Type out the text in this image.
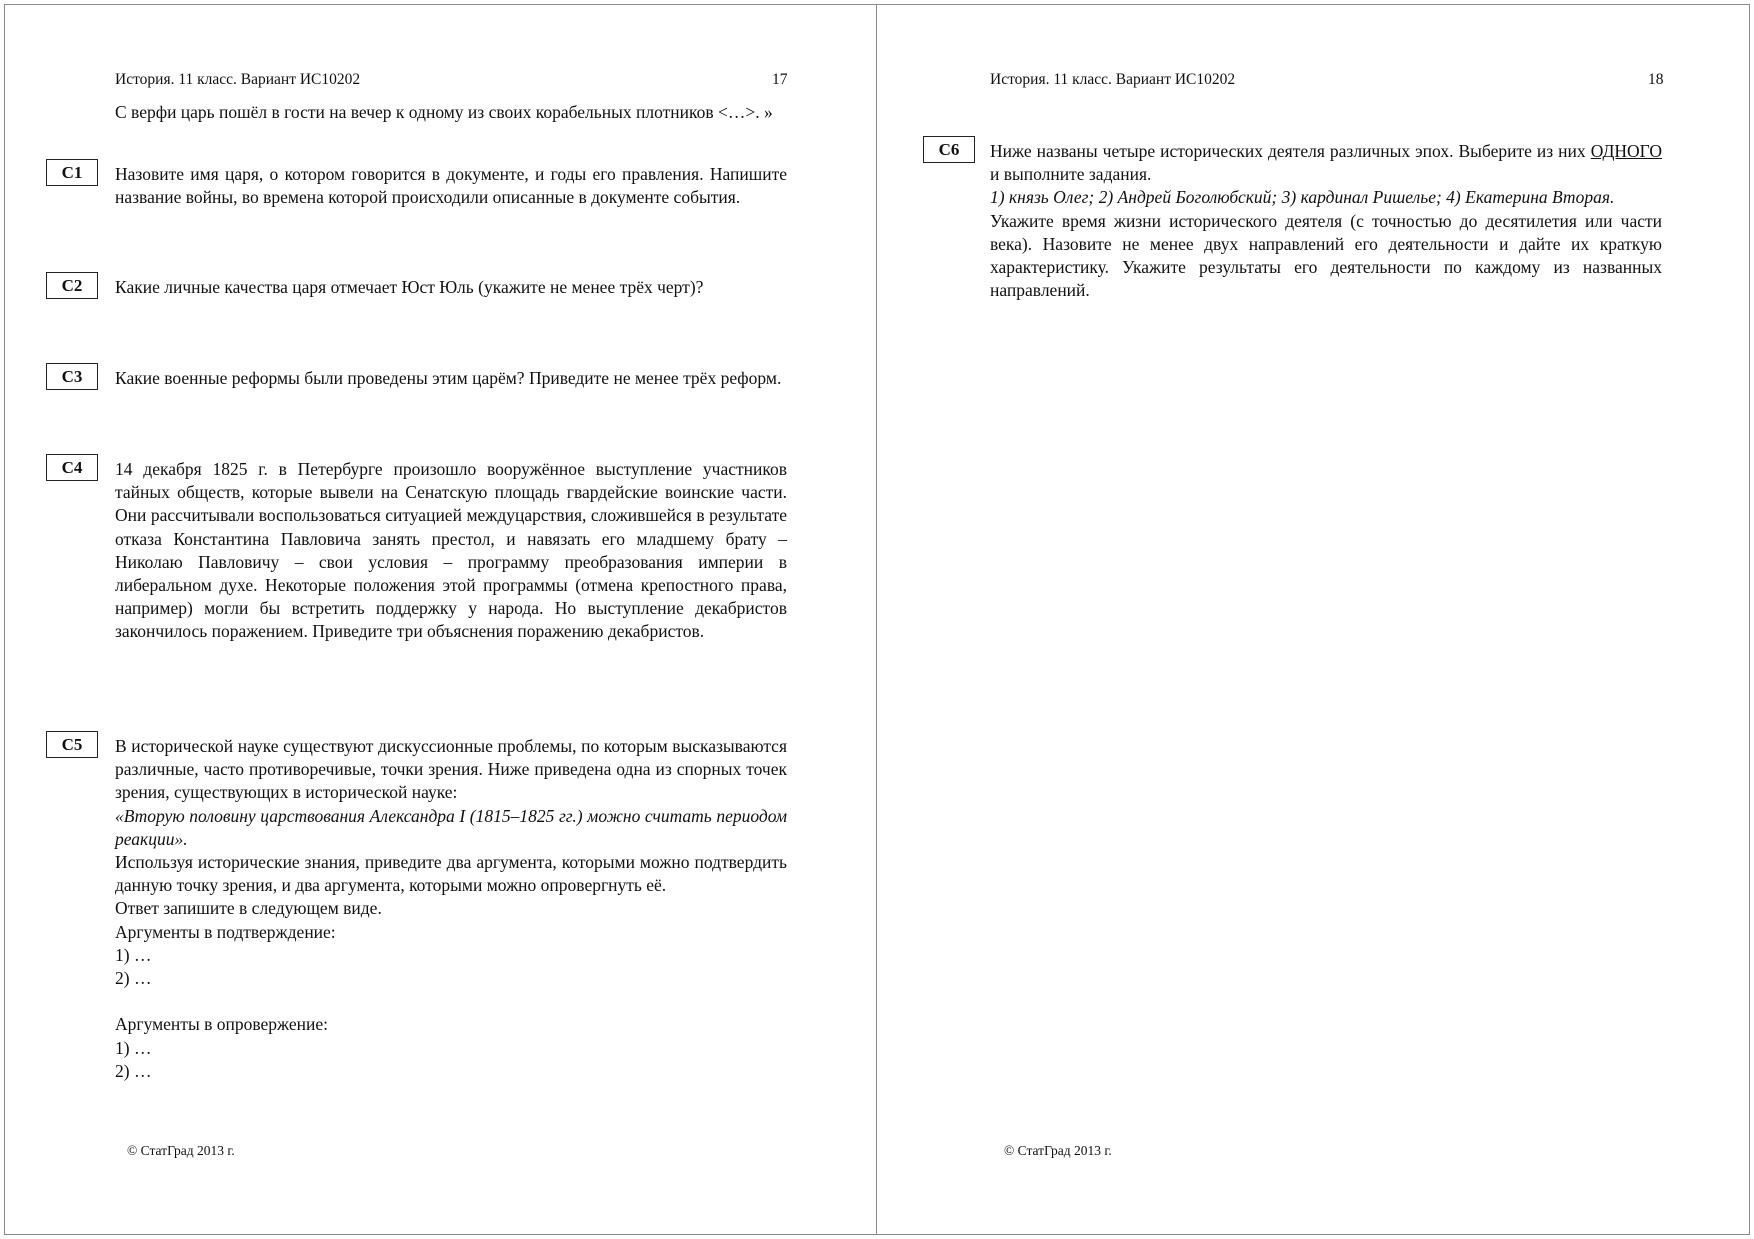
История. 11 класс. Вариант ИС10202	17

С верфи царь пошёл в гости на вечер к одному из своих корабельных плотников <…>. »

С1	Назовите имя царя, о котором говорится в документе, и годы его правления. Напишите название войны, во времена которой происходили описанные в документе события.

С2	Какие личные качества царя отмечает Юст Юль (укажите не менее трёх черт)?

С3	Какие военные реформы были проведены этим царём? Приведите не менее трёх реформ.

С4	14 декабря 1825 г. в Петербурге произошло вооружённое выступление участников тайных обществ, которые вывели на Сенатскую площадь гвардейские воинские части. Они рассчитывали воспользоваться ситуацией междуцарствия, сложившейся в результате отказа Константина Павловича занять престол, и навязать его младшему брату – Николаю Павловичу – свои условия – программу преобразования империи в либеральном духе. Некоторые положения этой программы (отмена крепостного права, например) могли бы встретить поддержку у народа. Но выступление декабристов закончилось поражением. Приведите три объяснения поражению декабристов.

С5	В исторической науке существуют дискуссионные проблемы, по которым высказываются различные, часто противоречивые, точки зрения. Ниже приведена одна из спорных точек зрения, существующих в исторической науке:

«Вторую половину царствования Александра I (1815–1825 гг.) можно считать периодом реакции».

Используя исторические знания, приведите два аргумента, которыми можно подтвердить данную точку зрения, и два аргумента, которыми можно опровергнуть её.

Ответ запишите в следующем виде.

Аргументы в подтверждение:

1) …

2) …

Аргументы в опровержение:

1) …

2) …

© СтатГрад 2013 г.
История. 11 класс. Вариант ИС10202	18
С6	Ниже названы четыре исторических деятеля различных эпох. Выберите из них ОДНОГО и выполните задания.

1) князь Олег; 2) Андрей Боголюбский; 3) кардинал Ришелье; 4) Екатерина Вторая.

Укажите время жизни исторического деятеля (с точностью до десятилетия или части века). Назовите не менее двух направлений его деятельности и дайте их краткую характеристику. Укажите результаты его деятельности по каждому из названных направлений.

© СтатГрад 2013 г.
